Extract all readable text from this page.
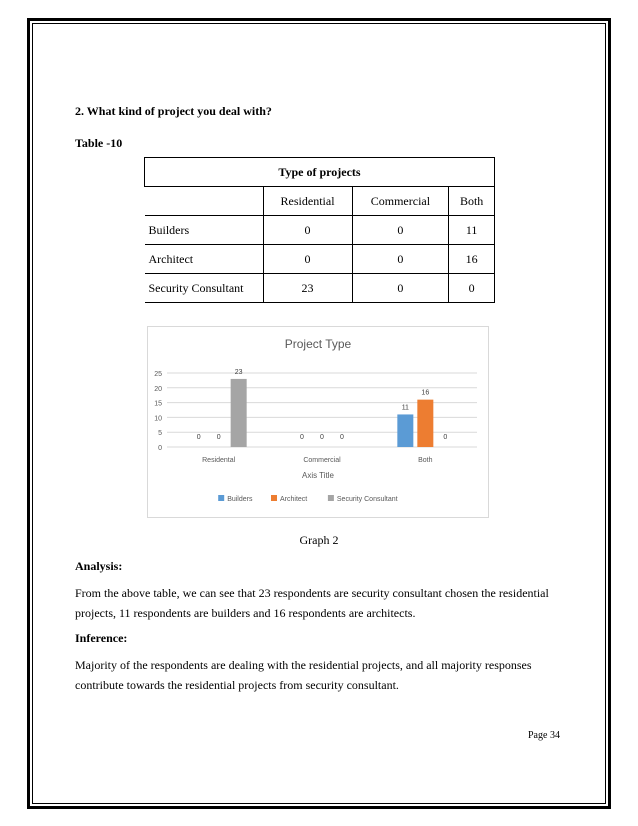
2. What kind of project you deal with?
Table -10
Type of projects			
	Residential	Commercial	Both
Builders	0	0	11
Architect	0	0	16
Security Consultant	23	0	0
Project Type
0
5
10
15
20
25
Residental
0 0
23
Commercial
0 0 0
Both
11
16
0
Axis Title
Builders	Architect	Security Consultant
Graph 2
Analysis:
From the above table, we can see that 23 respondents are security consultant chosen the residential projects, 11 respondents are builders and 16 respondents are architects.
Inference:
Majority of the respondents are dealing with the residential projects, and all majority responses contribute towards the residential projects from security consultant.
Page 34
